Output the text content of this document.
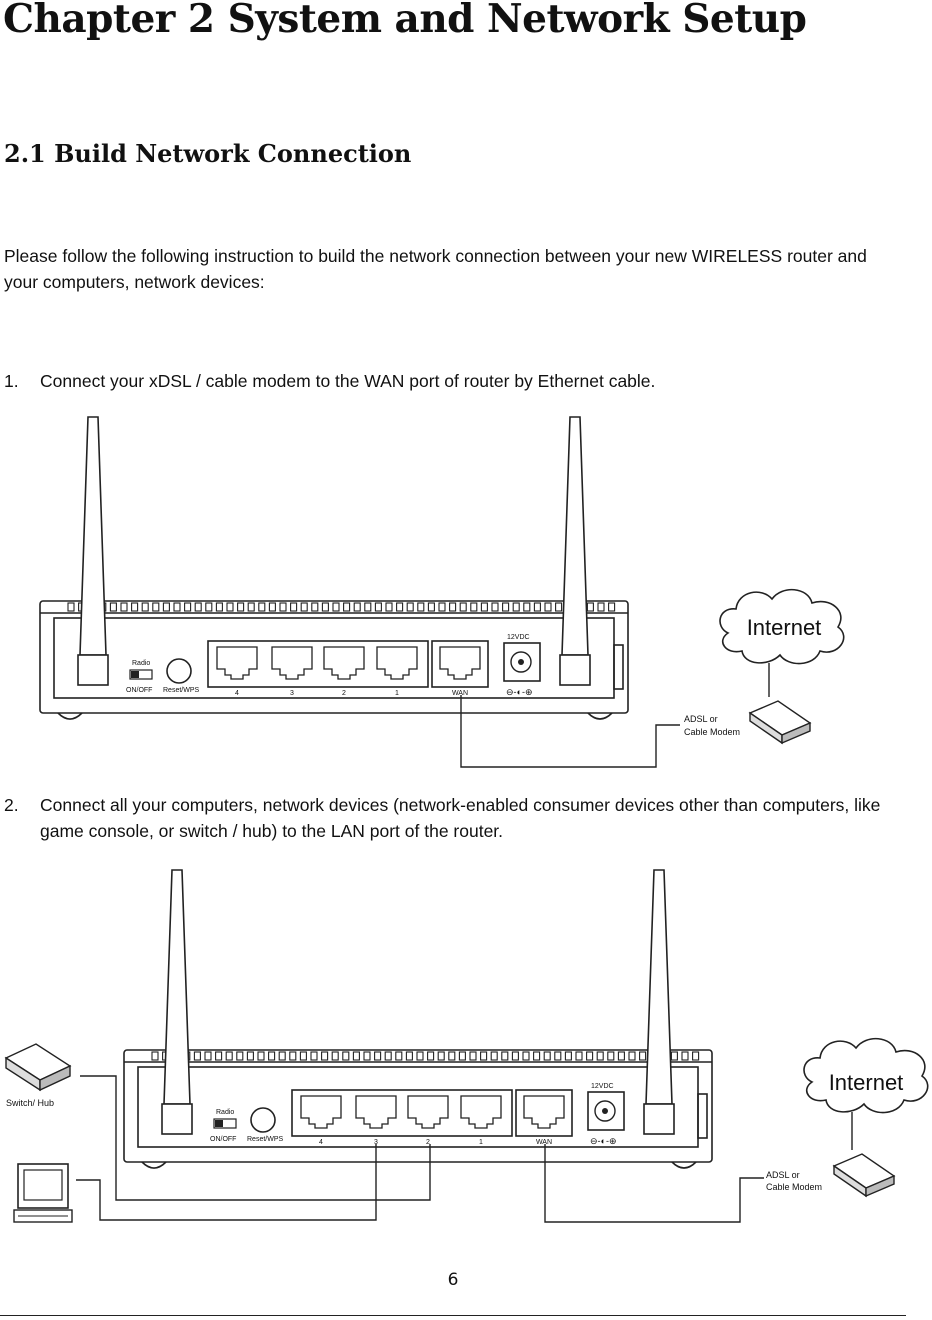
Chapter 2 System and Network Setup
2.1 Build Network Connection

Please follow the following instruction to build the network connection between your new WIRELESS router and your computers, network devices:

1. Connect your xDSL / cable modem to the WAN port of router by Ethernet cable.
Radio
ON/OFF Reset/WPS	4	3	2	1	WAN
12VDC
⊖-◐-⊕
Internet
ADSL or
Cable Modem
2. Connect all your computers, network devices (network-enabled consumer devices other than computers, like game console, or switch / hub) to the LAN port of the router.
Radio
ON/OFF Reset/WPS	4	3	2	1	WAN
12VDC
⊖-◐-⊕
Switch/ Hub
Internet
ADSL or
Cable Modem
6
